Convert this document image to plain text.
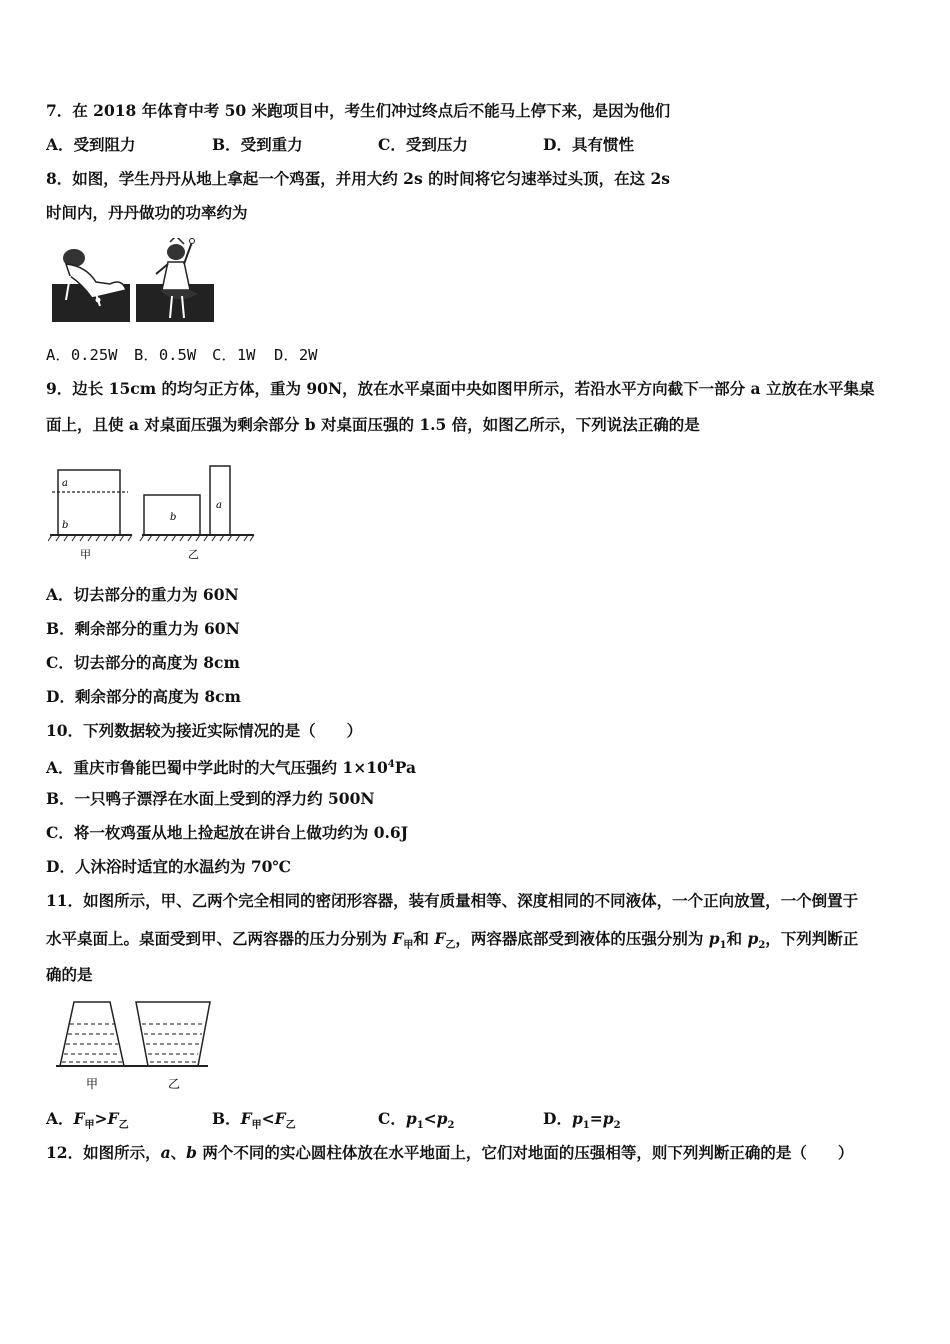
7．在 2018 年体育中考 50 米跑项目中，考生们冲过终点后不能马上停下来，是因为他们
A．受到阻力	B．受到重力	C．受到压力	D．具有惯性
8．如图，学生丹丹从地上拿起一个鸡蛋，并用大约 2s 的时间将它匀速举过头顶，在这 2s
时间内，丹丹做功的功率约为
A．0.25W B．0.5W C．1W D．2W
9．边长 15cm 的均匀正方体，重为 90N，放在水平桌面中央如图甲所示，若沿水平方向截下一部分 a 立放在水平集桌
面上，且使 a 对桌面压强为剩余部分 b 对桌面压强的 1.5 倍，如图乙所示，下列说法正确的是
a
b
甲
b
a
乙
A．切去部分的重力为 60N
B．剩余部分的重力为 60N
C．切去部分的高度为 8cm
D．剩余部分的高度为 8cm
10．下列数据较为接近实际情况的是（　　）
A．重庆市鲁能巴蜀中学此时的大气压强约 $1\times 10^4Pa$
B．一只鸭子漂浮在水面上受到的浮力约 500N
C．将一枚鸡蛋从地上捡起放在讲台上做功约为 0.6J
D．人沐浴时适宜的水温约为 70℃
11．如图所示，甲、乙两个完全相同的密闭形容器，装有质量相等、深度相同的不同液体，一个正向放置，一个倒置于
水平桌面上。桌面受到甲、乙两容器的压力分别为 $F_甲$和 $F_乙$，两容器底部受到液体的压强分别为 $p_1$和 $p_2$，下列判断正
确的是
甲	乙
A．$F_甲>F_乙$	B．$F_甲<F_乙$	C．$p_1<p_2$	D．$p_1=p_2$
12．如图所示，a、b 两个不同的实心圆柱体放在水平地面上，它们对地面的压强相等，则下列判断正确的是（　　）
